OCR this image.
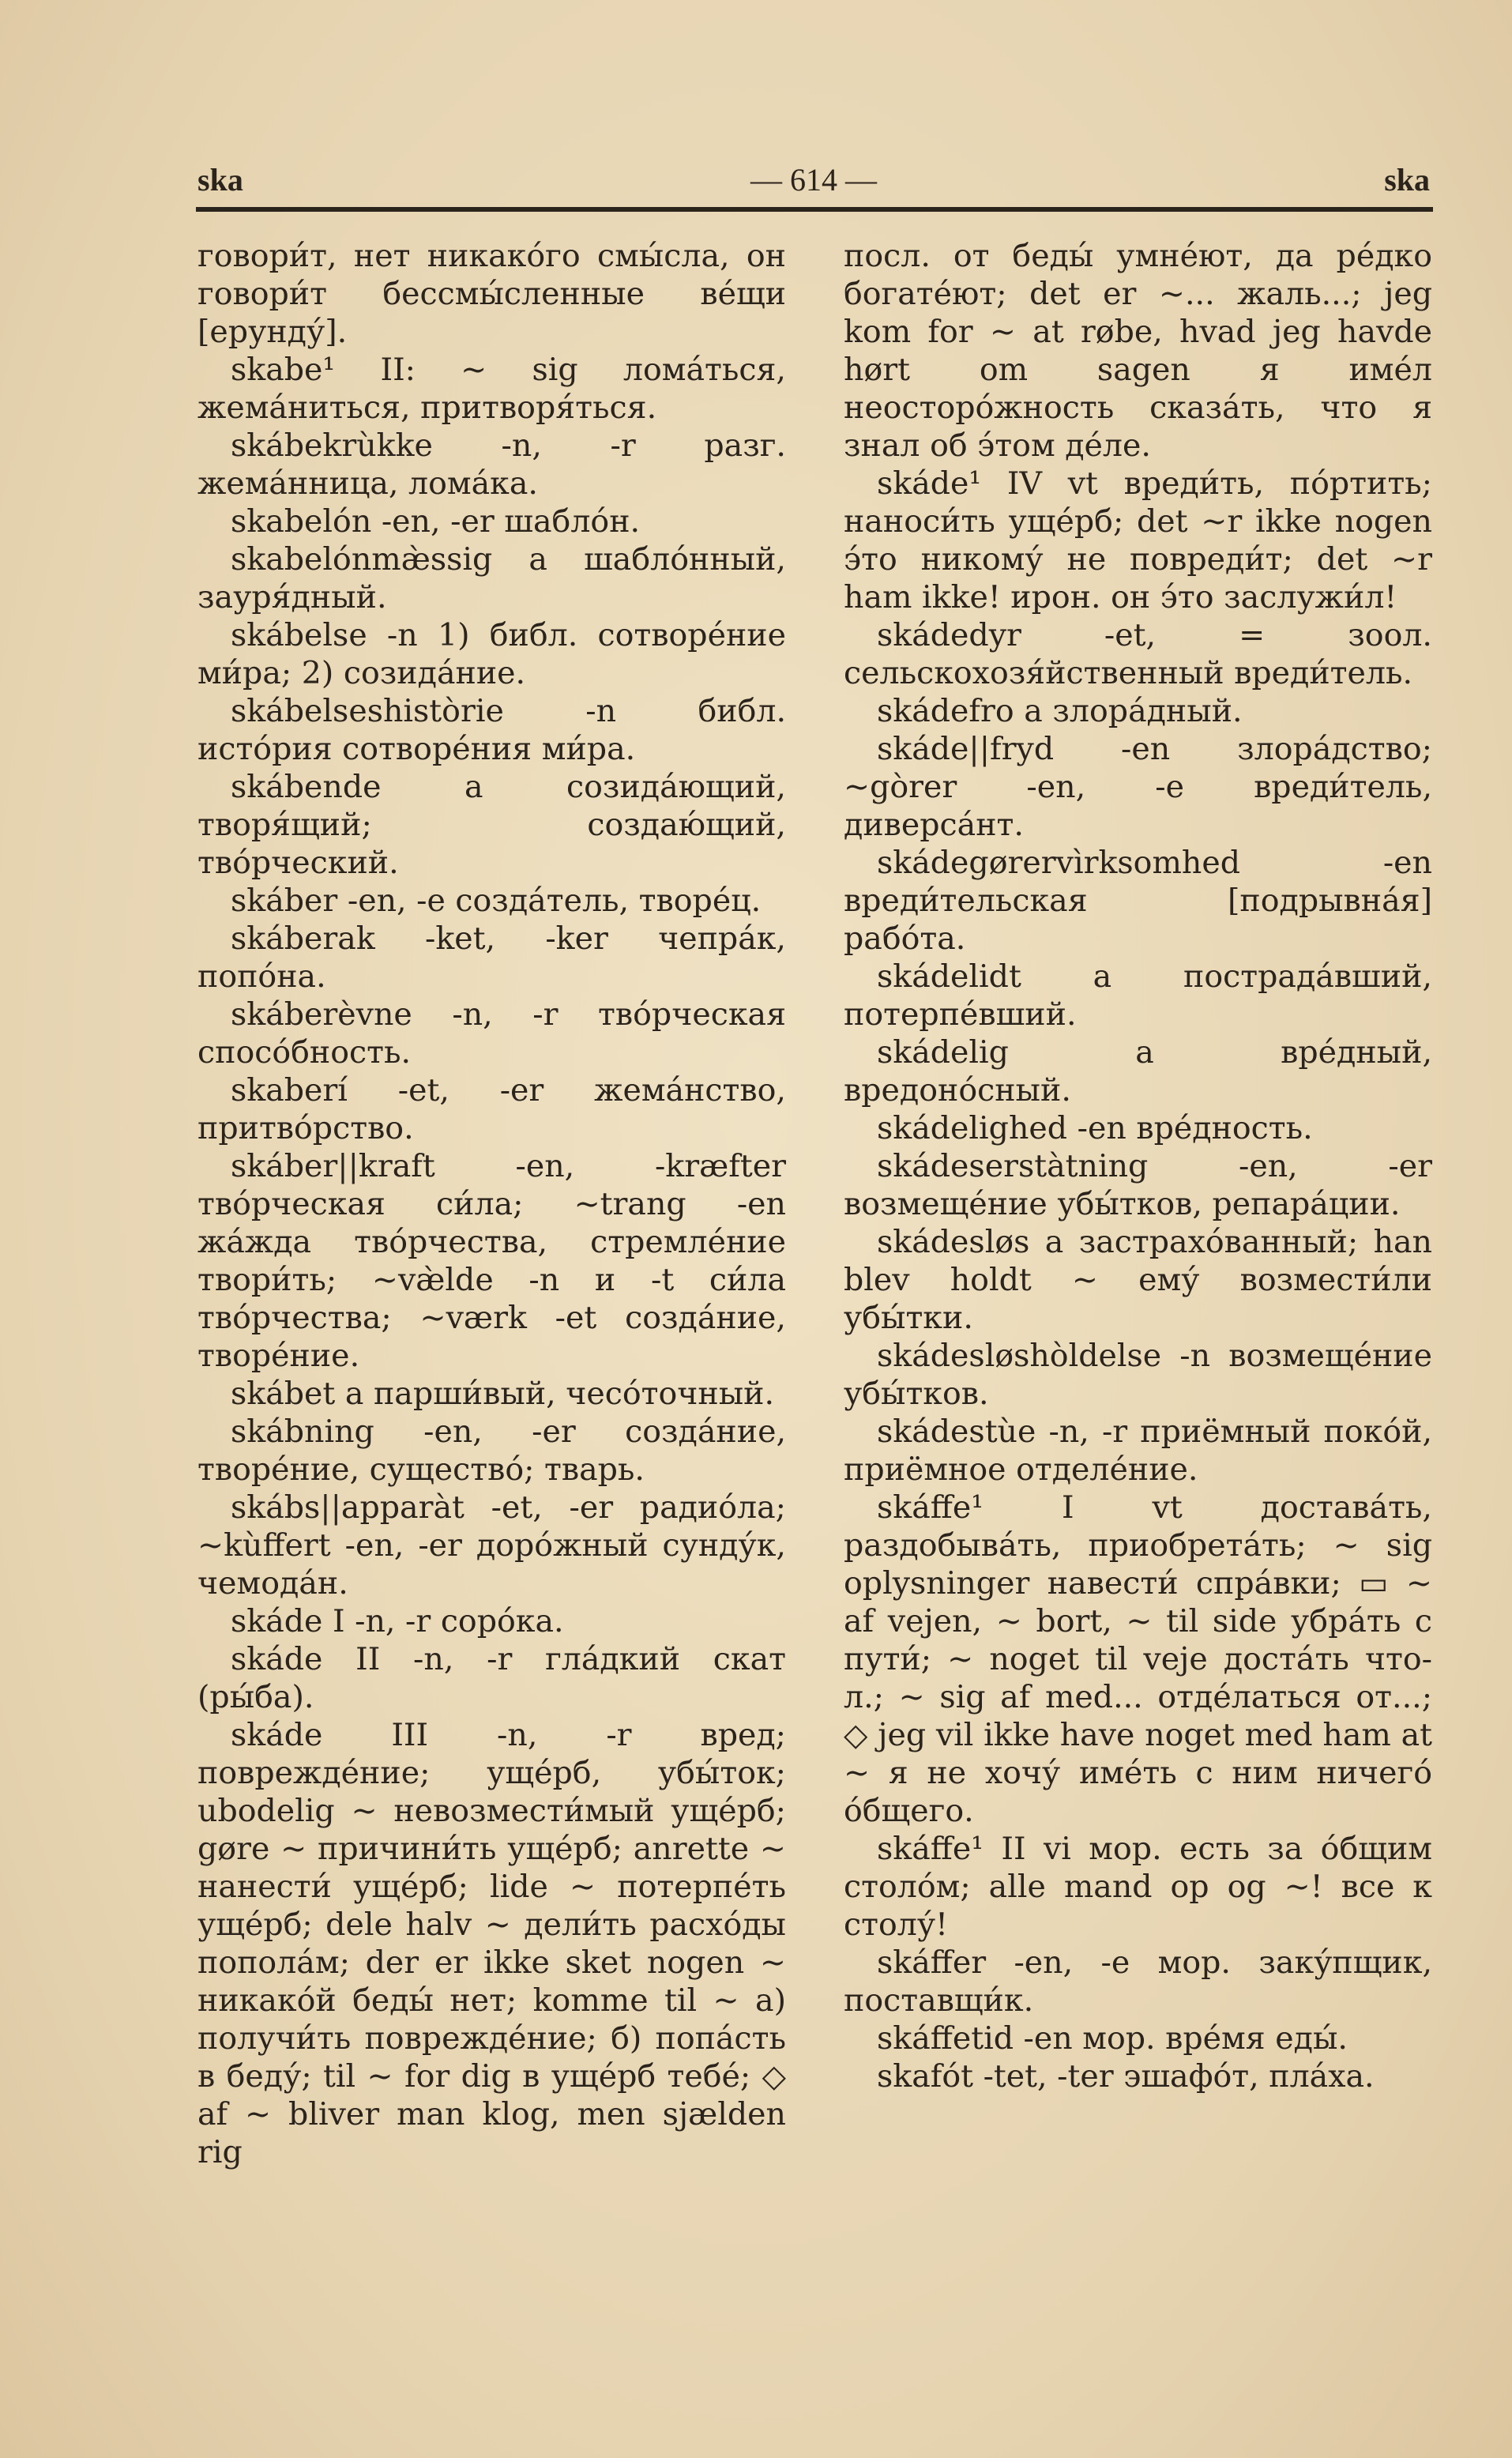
ska	— 614 —	ska

говори́т, нет никако́го смы́сла, он говори́т бессмы́сленные ве́щи [ерунду́].

skabe¹ II: ~ sig лома́ться, жема́ниться, притворя́ться.

skábekrùkke -n, -r разг. жема́нница, лома́ка.

skabelón -en, -er шабло́н.

skabelónmæ̀ssig a шабло́нный, зауря́дный.

skábelse -n 1) библ. сотворе́ние ми́ра; 2) созида́ние.

skábelseshistòrie -n библ. исто́рия сотворе́ния ми́ра.

skábende a созида́ющий, творя́щий; создаю́щий, тво́рческий.

skáber -en, -e созда́тель, творе́ц.

skáberak -ket, -ker чепра́к, попо́на.

skáberèvne -n, -r тво́рческая спосо́бность.

skaberí -et, -er жема́нство, притво́рство.

skáber||kraft -en, -kræfter тво́рческая си́ла; ~trang -en жа́жда тво́рчества, стремле́ние твори́ть; ~væ̀lde -n и -t си́ла тво́рчества; ~værk -et созда́ние, творе́ние.

skábet a парши́вый, чесо́точный.

skábning -en, -er созда́ние, творе́ние, существо́; тварь.

skábs||apparàt -et, -er радио́ла; ~kùffert -en, -er доро́жный сунду́к, чемода́н.

skáde I -n, -r соро́ка.

skáde II -n, -r гла́дкий скат (ры́ба).

skáde III -n, -r вред; поврежде́ние; уще́рб, убы́ток; ubodelig ~ невозмести́мый уще́рб; gøre ~ причини́ть уще́рб; anrette ~ нанести́ уще́рб; lide ~ потерпе́ть уще́рб; dele halv ~ дели́ть расхо́ды попола́м; der er ikke sket nogen ~ никако́й беды́ нет; komme til ~ а) получи́ть поврежде́ние; б) попа́сть в беду́; til ~ for dig в уще́рб тебе́; ◇ af ~ bliver man klog, men sjælden rig

посл. от беды́ умне́ют, да ре́дко богате́ют; det er ~... жаль...; jeg kom for ~ at røbe, hvad jeg havde hørt om sagen я име́л неосторо́жность сказа́ть, что я знал об э́том де́ле.

skáde¹ IV vt вреди́ть, по́ртить; наноси́ть уще́рб; det ~r ikke nogen э́то никому́ не повреди́т; det ~r ham ikke! ирон. он э́то заслужи́л!

skádedyr -et, = зоол. сельскохозя́йственный вреди́тель.

skádefro a злора́дный.

skáde||fryd -en злора́дство; ~gòrer -en, -e вреди́тель, диверса́нт.

skádegørervìrksomhed -en вреди́тельская [подрывна́я] рабо́та.

skádelidt a пострада́вший, потерпе́вший.

skádelig a вре́дный, вредоно́сный.

skádelighed -en вре́дность.

skádeserstàtning -en, -er возмеще́ние убы́тков, репара́ции.

skádesløs a застрахо́ванный; han blev holdt ~ ему́ возмести́ли убы́тки.

skádesløshòldelse -n возмеще́ние убы́тков.

skádestùe -n, -r приёмный поко́й, приёмное отделе́ние.

skáffe¹ I vt достава́ть, раздобыва́ть, приобрета́ть; ~ sig oplysninger навести́ спра́вки; ▭ ~ af vejen, ~ bort, ~ til side убра́ть с пути́; ~ noget til veje доста́ть что-л.; ~ sig af med... отде́латься от...; ◇ jeg vil ikke have noget med ham at ~ я не хочу́ име́ть с ним ничего́ о́бщего.

skáffe¹ II vi мор. есть за о́бщим столо́м; alle mand op og ~! все к столу́!

skáffer -en, -e мор. заку́пщик, поставщи́к.

skáffetid -en мор. вре́мя еды́.

skafót -tet, -ter эшафо́т, пла́ха.
